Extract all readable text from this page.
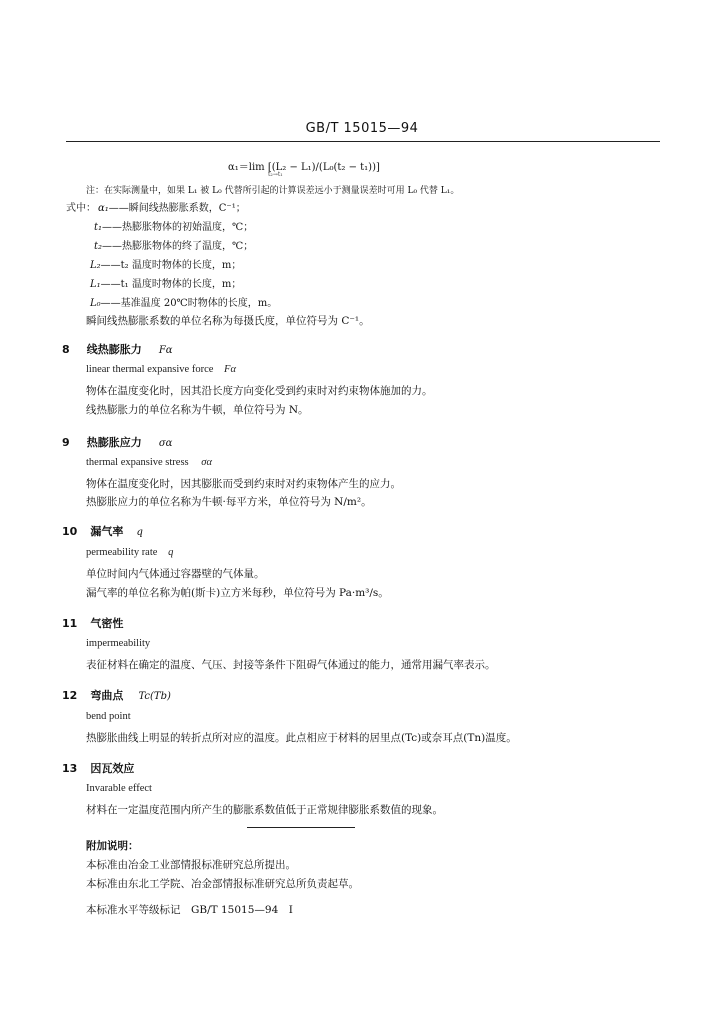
GB/T 15015—94
α₁＝lim [(L₂ − L₁)/(L₀(t₂ − t₁))]
t₂→t₁
注：在实际测量中，如果 L₁ 被 L₀ 代替所引起的计算误差远小于测量误差时可用 L₀ 代替 L₁。
式中： α₁——瞬间线热膨胀系数，C⁻¹；
t₁——热膨胀物体的初始温度，℃；
t₂——热膨胀物体的终了温度，℃；
L₂——t₂ 温度时物体的长度，m；
L₁——t₁ 温度时物体的长度，m；
L₀——基准温度 20℃时物体的长度，m。
瞬间线热膨胀系数的单位名称为每摄氏度，单位符号为 C⁻¹。
8 线热膨胀力 Fα
linear thermal expansive force Fα
物体在温度变化时，因其沿长度方向变化受到约束时对约束物体施加的力。
线热膨胀力的单位名称为牛顿，单位符号为 N。
9 热膨胀应力 σα
thermal expansive stress σα
物体在温度变化时，因其膨胀而受到约束时对约束物体产生的应力。
热膨胀应力的单位名称为牛顿·每平方米，单位符号为 N/m²。
10 漏气率 q
permeability rate q
单位时间内气体通过容器壁的气体量。
漏气率的单位名称为帕(斯卡)立方米每秒，单位符号为 Pa·m³/s。
11 气密性
impermeability
表征材料在确定的温度、气压、封接等条件下阻碍气体通过的能力，通常用漏气率表示。
12 弯曲点 Tc(Tb)
bend point
热膨胀曲线上明显的转折点所对应的温度。此点相应于材料的居里点(Tc)或奈耳点(Tn)温度。
13 因瓦效应
Invarable effect
材料在一定温度范围内所产生的膨胀系数值低于正常规律膨胀系数值的现象。
附加说明：
本标准由冶金工业部情报标准研究总所提出。
本标准由东北工学院、冶金部情报标准研究总所负责起草。
本标准水平等级标记　GB/T 15015—94　I
